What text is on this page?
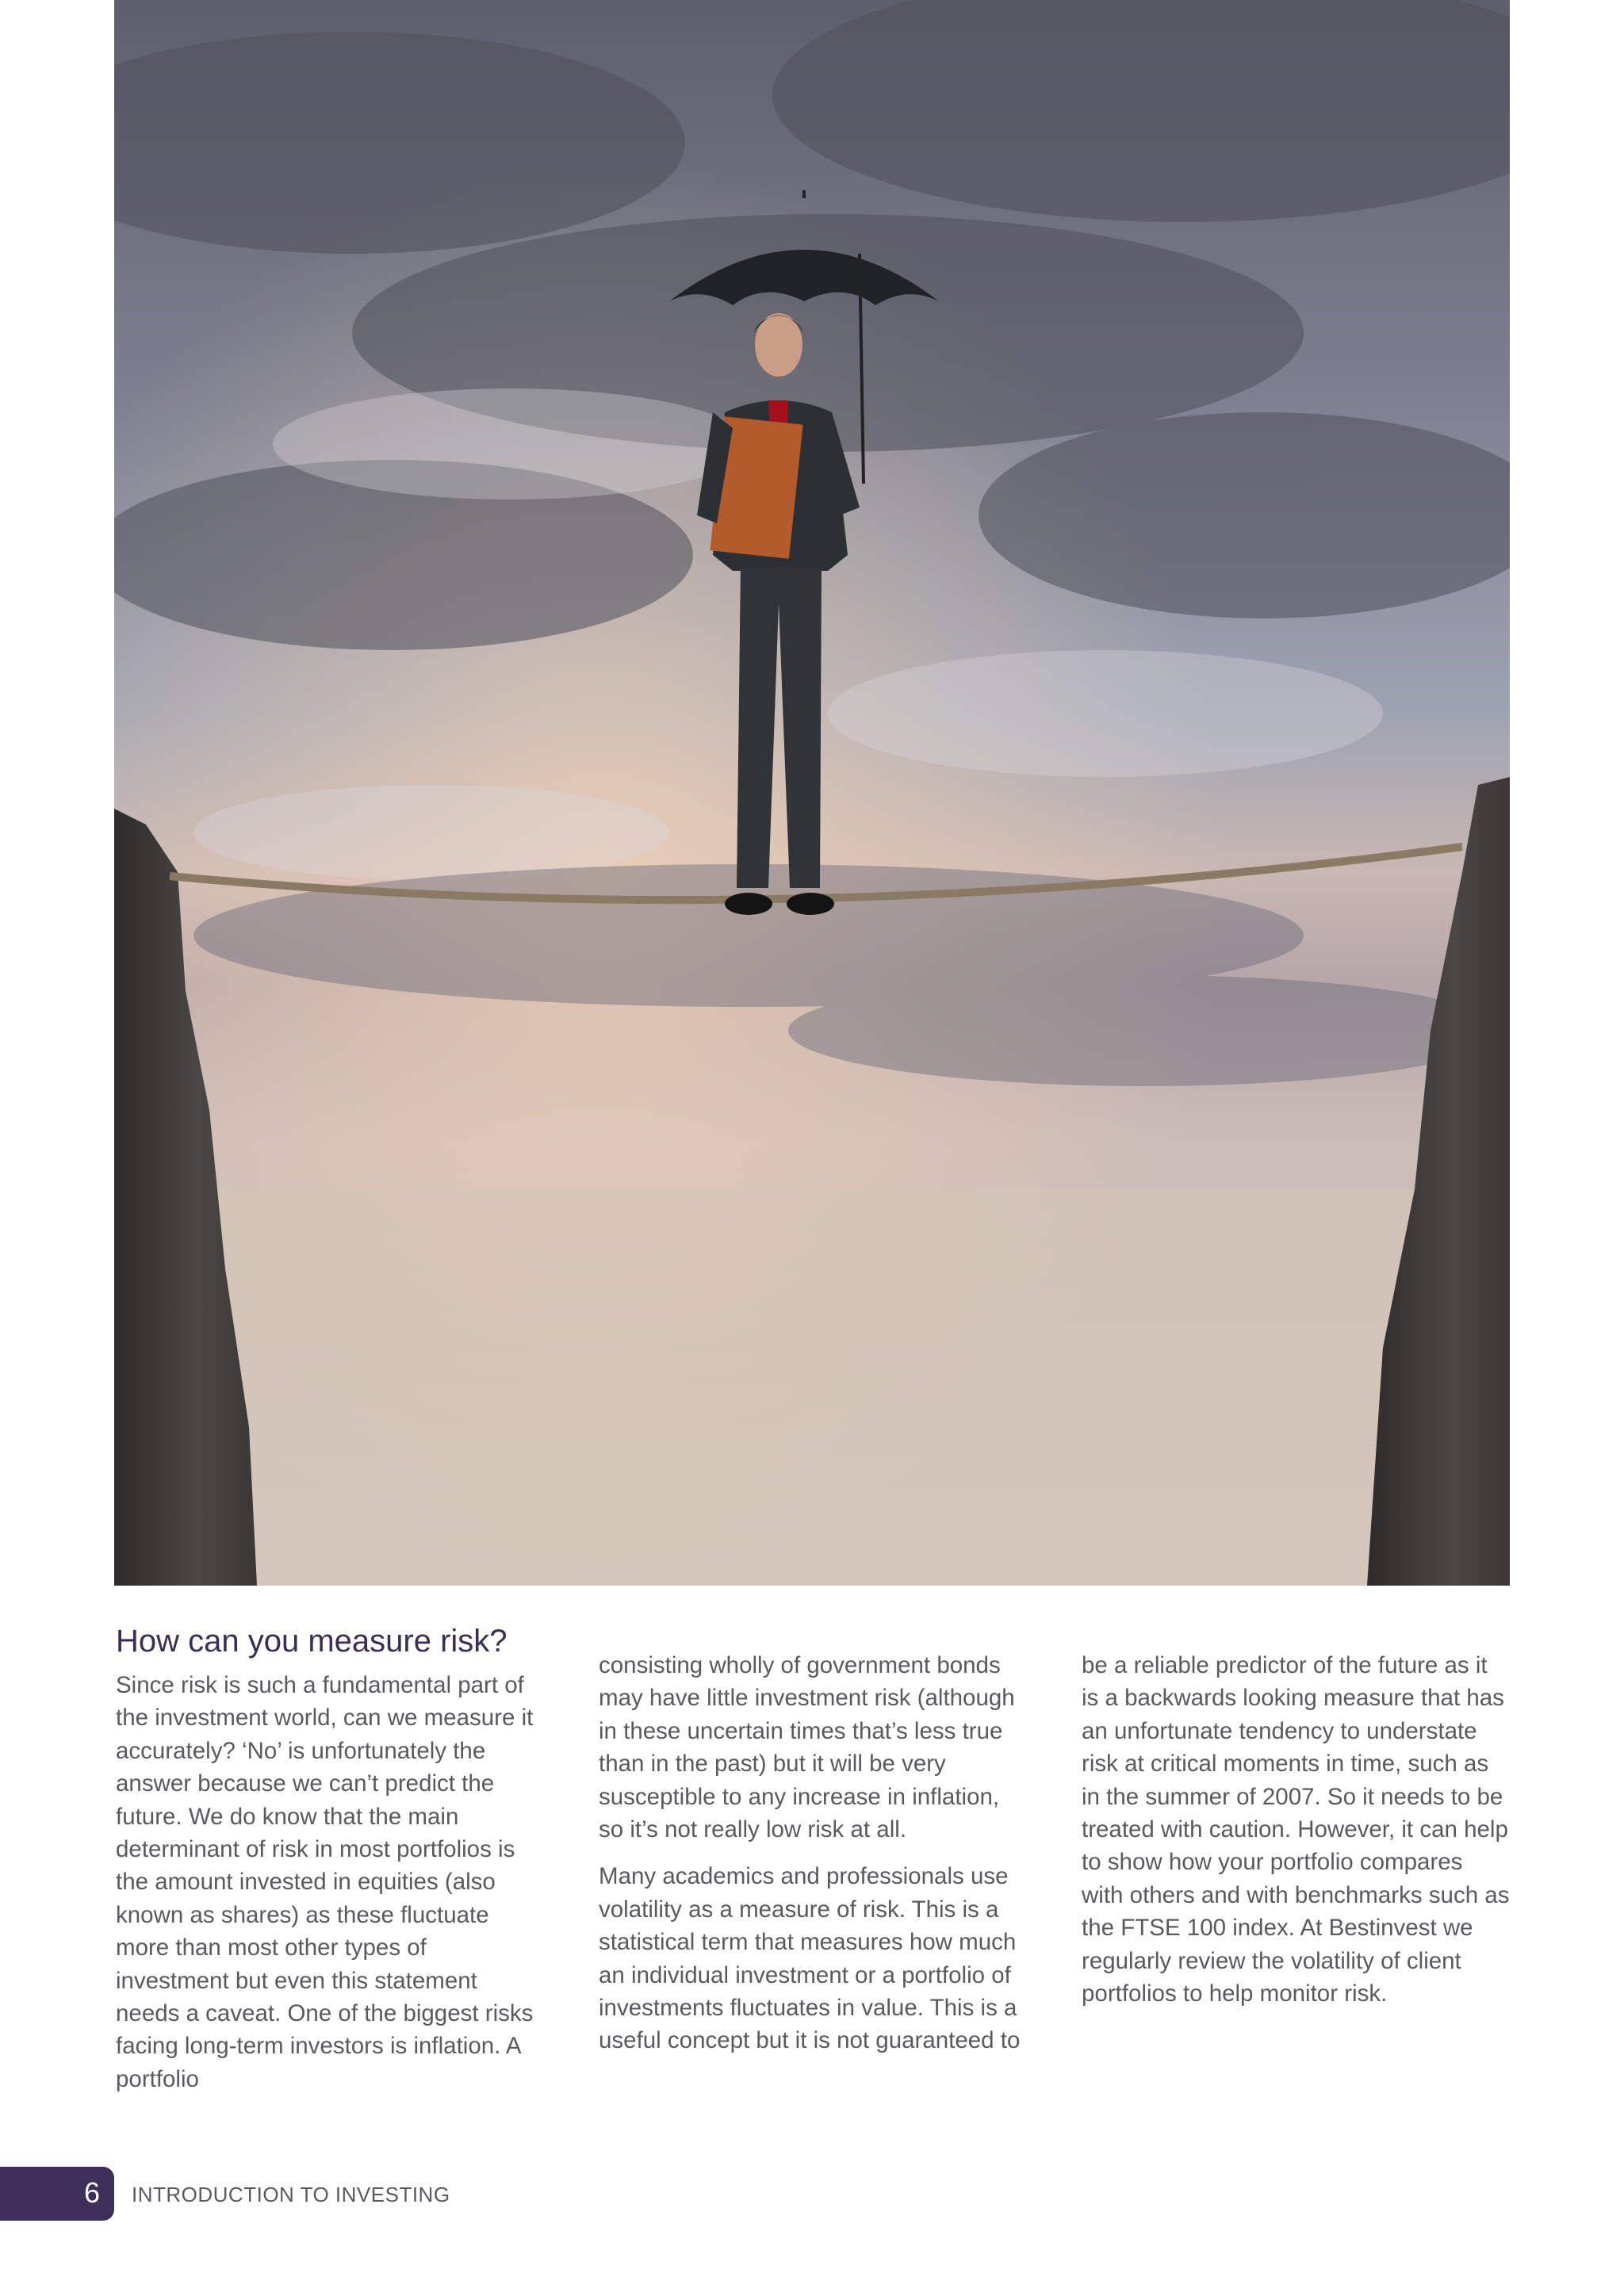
How can you measure risk?

Since risk is such a fundamental part of the investment world, can we measure it accurately? ‘No’ is unfortunately the answer because we can’t predict the future. We do know that the main determinant of risk in most portfolios is the amount invested in equities (also known as shares) as these fluctuate more than most other types of investment but even this statement needs a caveat. One of the biggest risks facing long-term investors is inflation. A portfolio

consisting wholly of government bonds may have little investment risk (although in these uncertain times that’s less true than in the past) but it will be very susceptible to any increase in inflation, so it’s not really low risk at all.

Many academics and professionals use volatility as a measure of risk. This is a statistical term that measures how much an individual investment or a portfolio of investments fluctuates in value. This is a useful concept but it is not guaranteed to

be a reliable predictor of the future as it is a backwards looking measure that has an unfortunate tendency to understate risk at critical moments in time, such as in the summer of 2007. So it needs to be treated with caution. However, it can help to show how your portfolio compares with others and with benchmarks such as the FTSE 100 index. At Bestinvest we regularly review the volatility of client portfolios to help monitor risk.

6 INTRODUCTION TO INVESTING
